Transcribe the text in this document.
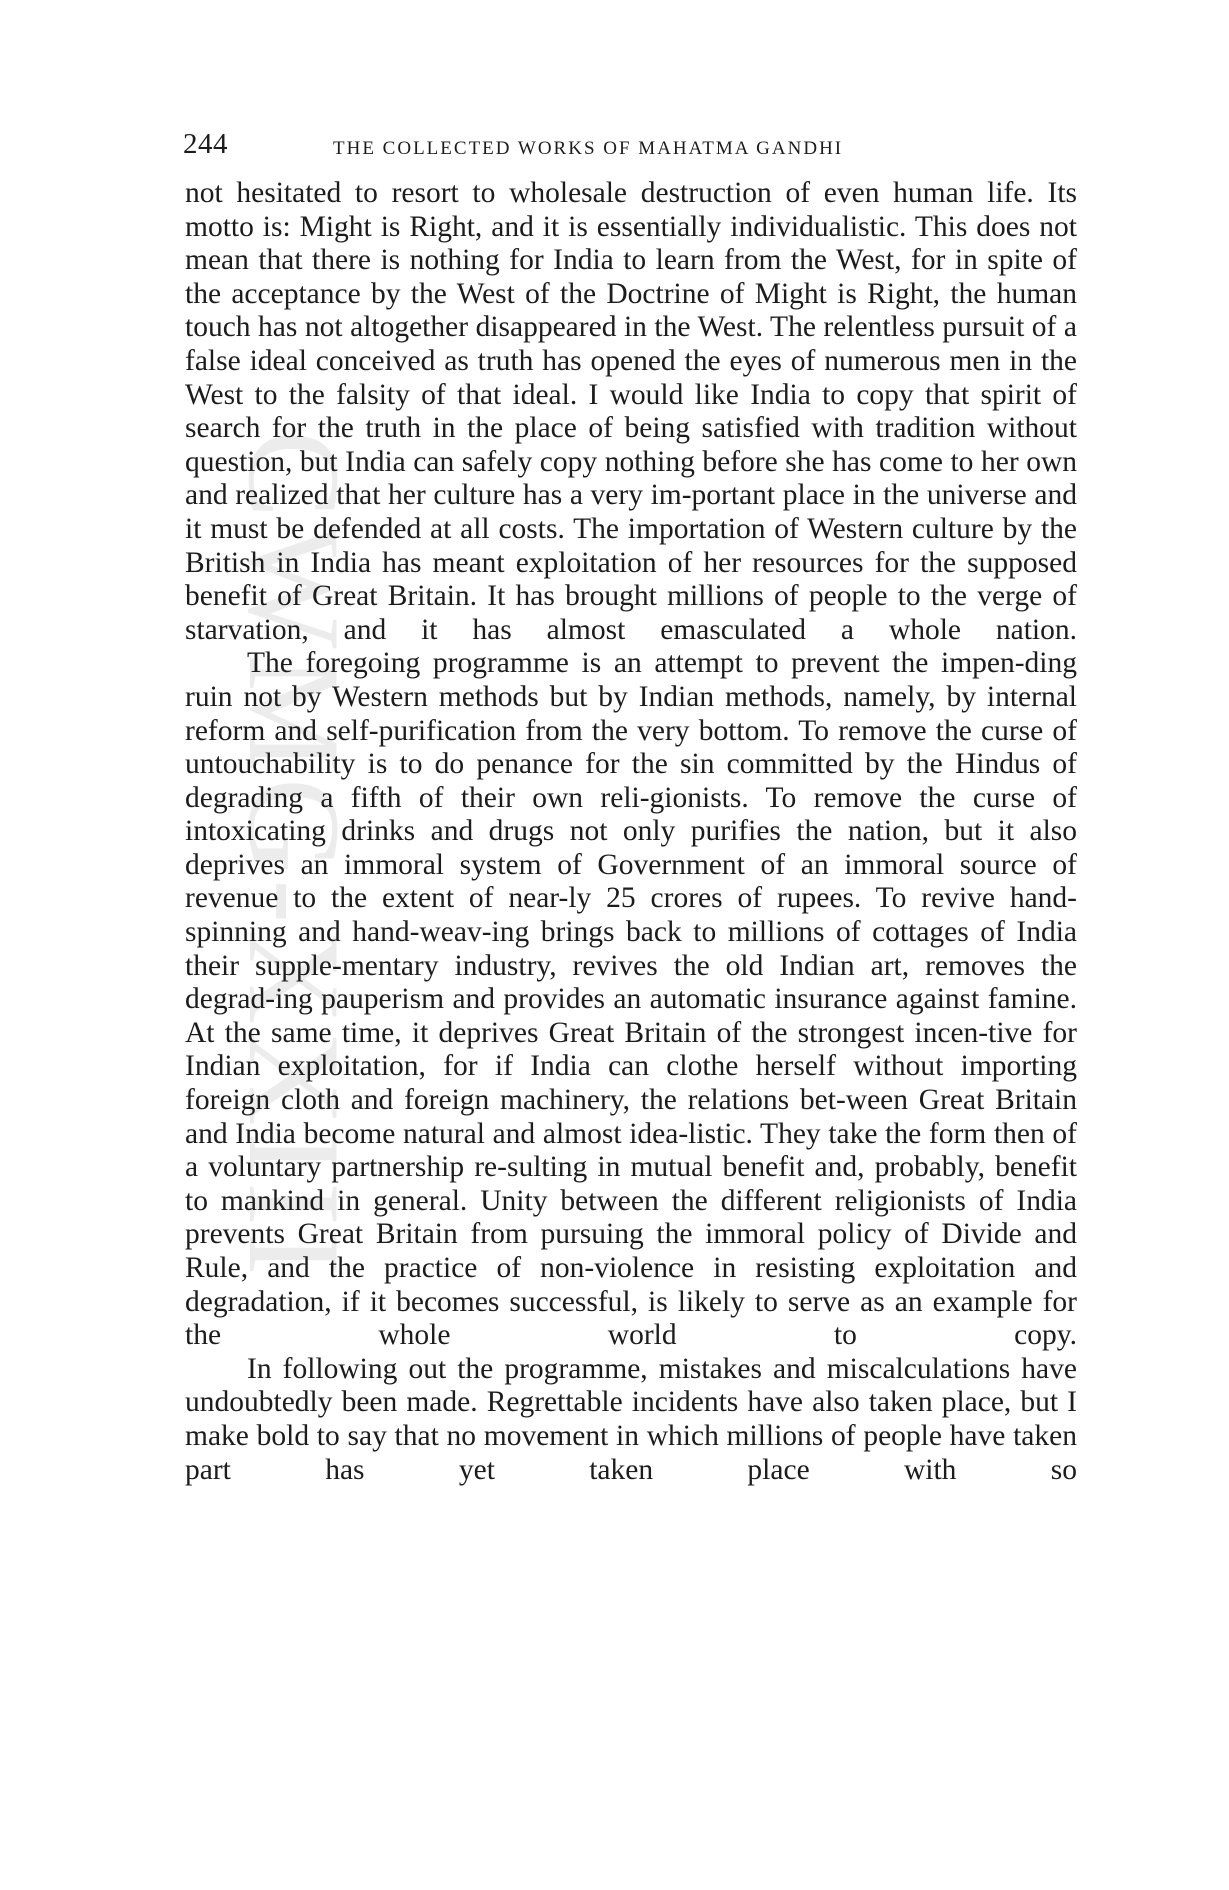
CWMG-XXIII
244	THE COLLECTED WORKS OF MAHATMA GANDHI

not hesitated to resort to wholesale destruction of even human life. Its motto is: Might is Right, and it is essentially individualistic. This does not mean that there is nothing for India to learn from the West, for in spite of the acceptance by the West of the Doctrine of Might is Right, the human touch has not altogether disappeared in the West. The relentless pursuit of a false ideal conceived as truth has opened the eyes of numerous men in the West to the falsity of that ideal. I would like India to copy that spirit of search for the truth in the place of being satisfied with tradition without question, but India can safely copy nothing before she has come to her own and realized that her culture has a very im-portant place in the universe and it must be defended at all costs. The importation of Western culture by the British in India has meant exploitation of her resources for the supposed benefit of Great Britain. It has brought millions of people to the verge of starvation, and it has almost emasculated a whole nation.

The foregoing programme is an attempt to prevent the impen-ding ruin not by Western methods but by Indian methods, namely, by internal reform and self-purification from the very bottom. To remove the curse of untouchability is to do penance for the sin committed by the Hindus of degrading a fifth of their own reli-gionists. To remove the curse of intoxicating drinks and drugs not only purifies the nation, but it also deprives an immoral system of Government of an immoral source of revenue to the extent of near-ly 25 crores of rupees. To revive hand-spinning and hand-weav-ing brings back to millions of cottages of India their supple-mentary industry, revives the old Indian art, removes the degrad-ing pauperism and provides an automatic insurance against famine. At the same time, it deprives Great Britain of the strongest incen-tive for Indian exploitation, for if India can clothe herself without importing foreign cloth and foreign machinery, the relations bet-ween Great Britain and India become natural and almost idea-listic. They take the form then of a voluntary partnership re-sulting in mutual benefit and, probably, benefit to mankind in general. Unity between the different religionists of India prevents Great Britain from pursuing the immoral policy of Divide and Rule, and the practice of non-violence in resisting exploitation and degradation, if it becomes successful, is likely to serve as an example for the whole world to copy.

In following out the programme, mistakes and miscalculations have undoubtedly been made. Regrettable incidents have also taken place, but I make bold to say that no movement in which millions of people have taken part has yet taken place with so
